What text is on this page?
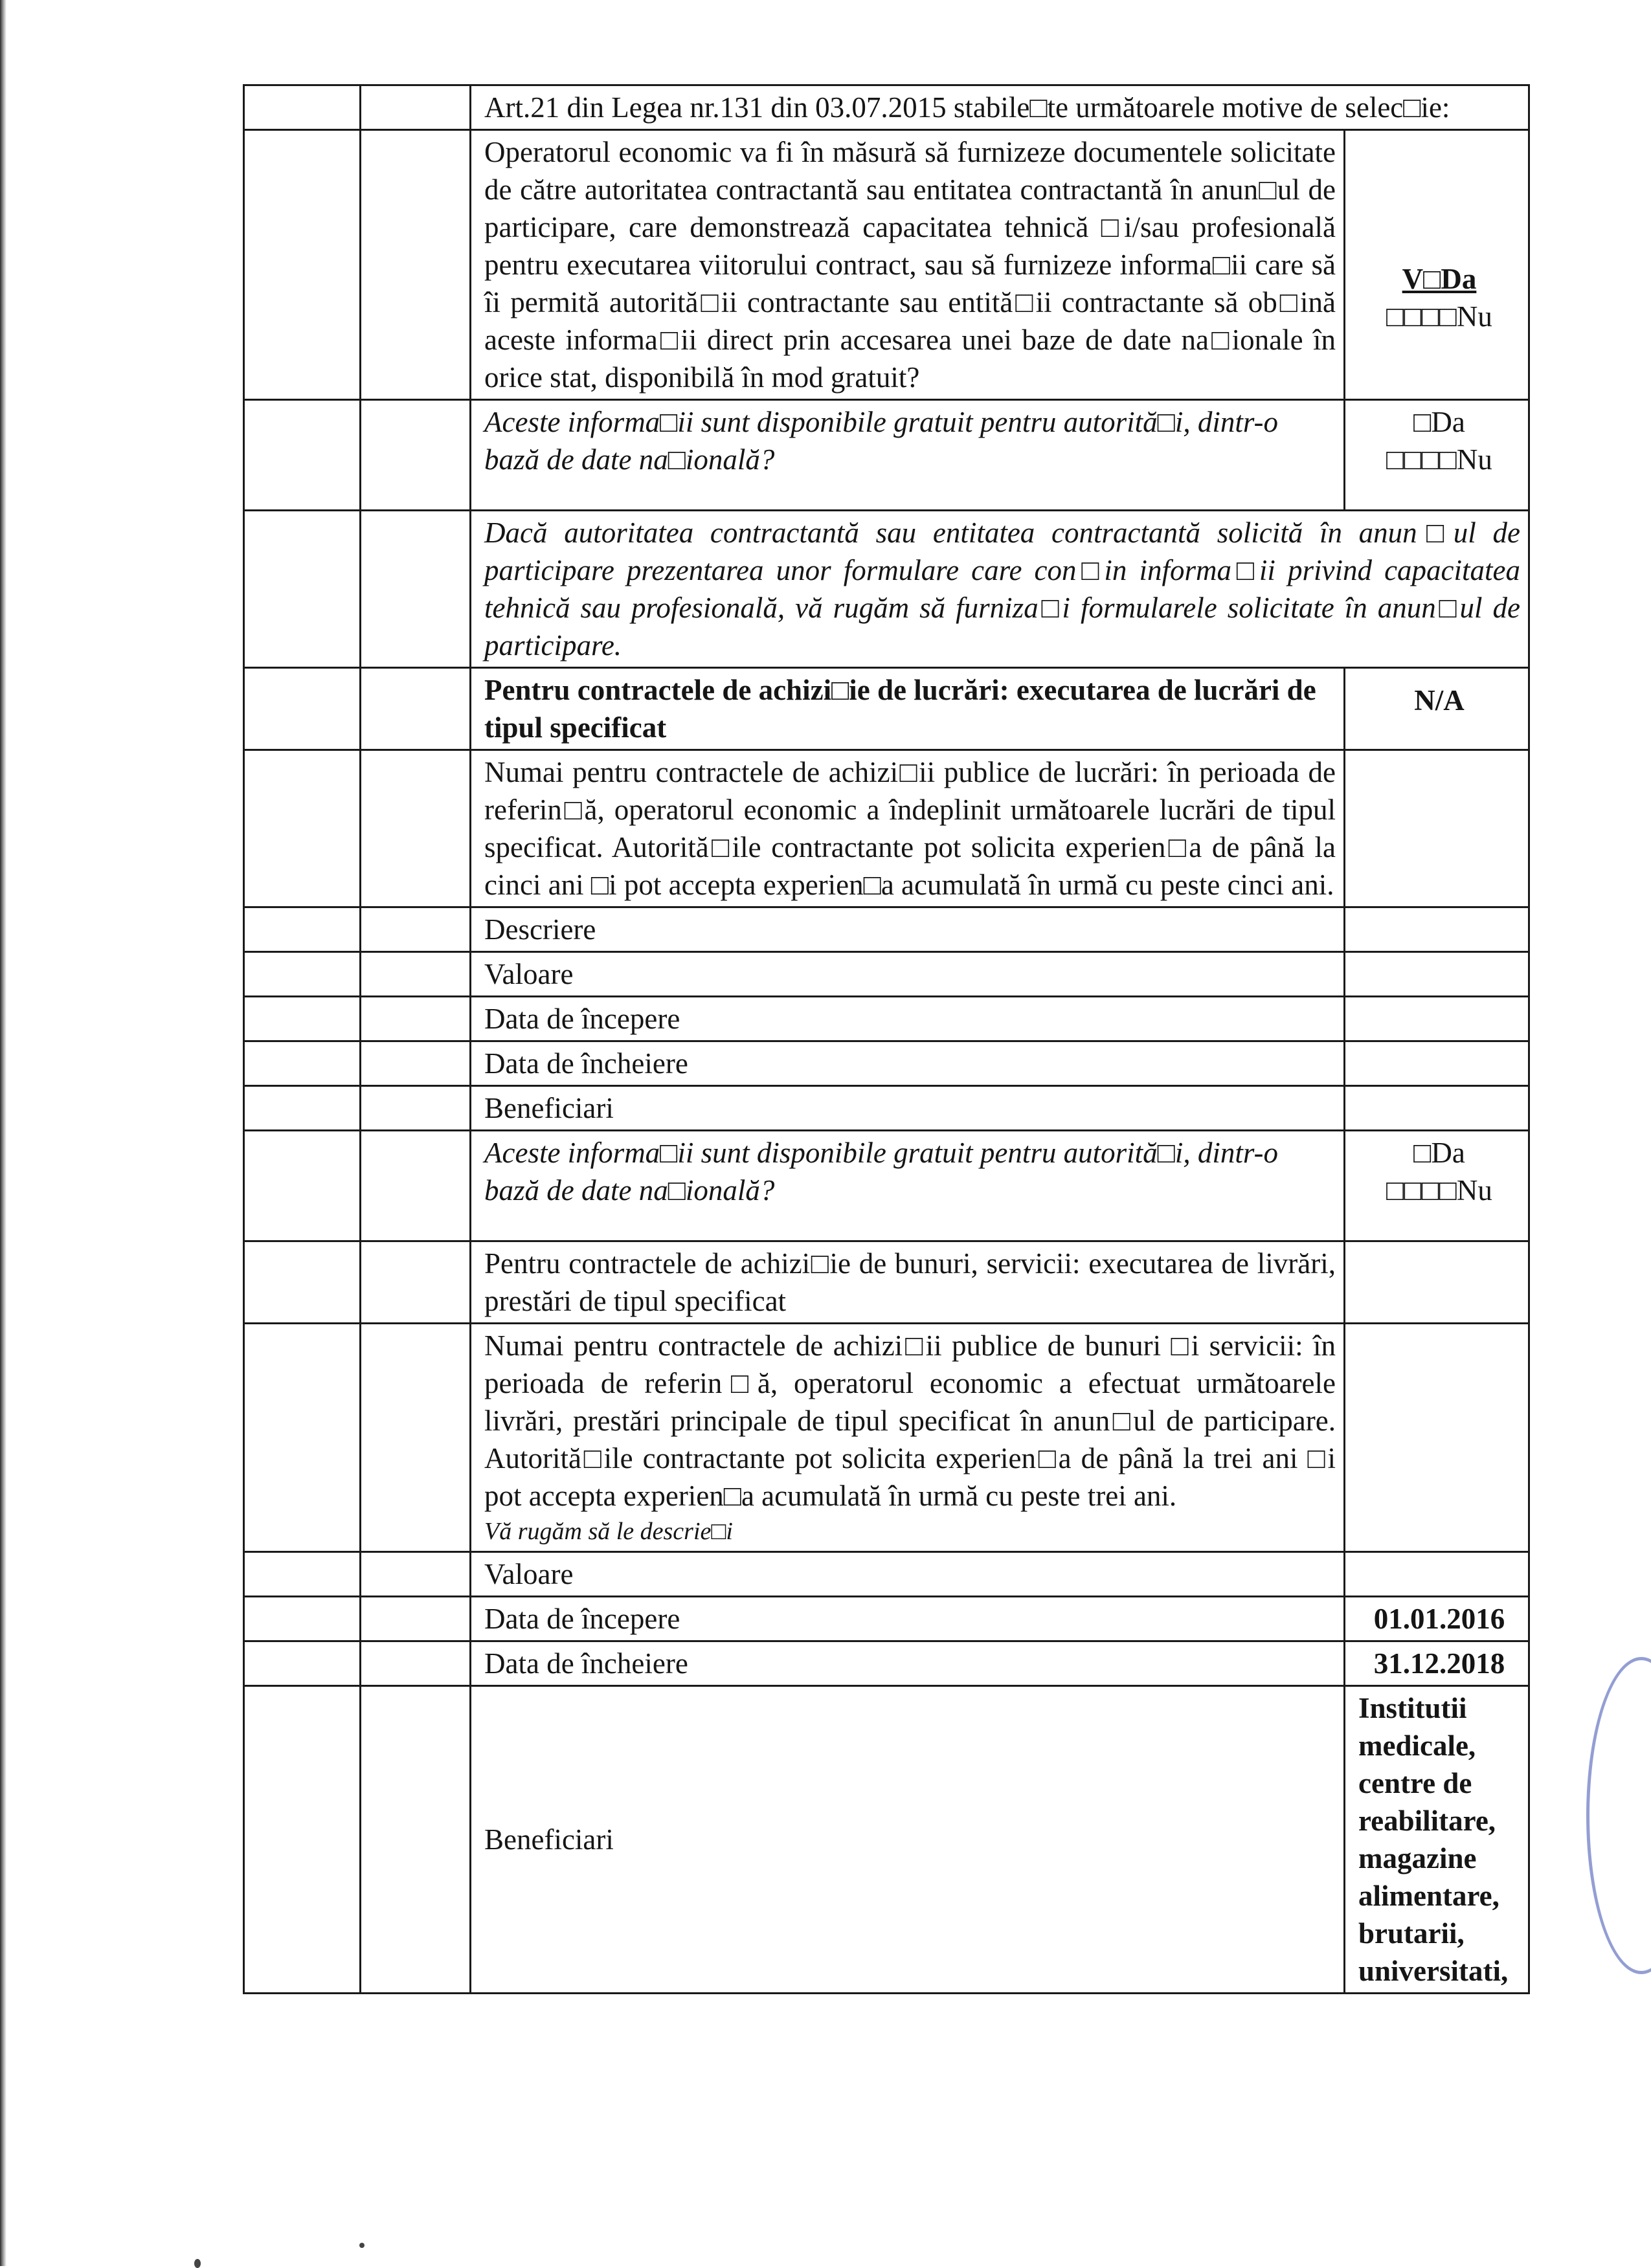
		Art.21 din Legea nr.131 din 03.07.2015 stabile□te următoarele motive de selec□ie:	
		Operatorul economic va fi în măsură să furnizeze documentele solicitate de către autoritatea contractantă sau entitatea contractantă în anun□ul de participare, care demonstrează capacitatea tehnică □i/sau profesională pentru executarea viitorului contract, sau să furnizeze informa□ii care să îi permită autorită□ii contractante sau entită□ii contractante să ob□ină aceste informa□ii direct prin accesarea unei baze de date na□ionale în orice stat, disponibilă în mod gratuit?	V□Da
□□□□Nu

		Aceste informa□ii sunt disponibile gratuit pentru autorită□i, dintr-o bază de date na□ională?	□Da
□□□□Nu

		Dacă autoritatea contractantă sau entitatea contractantă solicită în anun□ul de participare prezentarea unor formulare care con□in informa□ii privind capacitatea tehnică sau profesională, vă rugăm să furniza□i formularele solicitate în anun□ul de participare.	
		Pentru contractele de achizi□ie de lucrări: executarea de lucrări de tipul specificat	N/A
		Numai pentru contractele de achizi□ii publice de lucrări: în perioada de referin□ă, operatorul economic a îndeplinit următoarele lucrări de tipul specificat. Autorită□ile contractante pot solicita experien□a de până la cinci ani □i pot accepta experien□a acumulată în urmă cu peste cinci ani.	
		Descriere	
		Valoare	
		Data de începere	
		Data de încheiere	
		Beneficiari	
		Aceste informa□ii sunt disponibile gratuit pentru autorită□i, dintr-o bază de date na□ională?	□Da
□□□□Nu

		Pentru contractele de achizi□ie de bunuri, servicii: executarea de livrări, prestări de tipul specificat	

		Numai pentru contractele de achizi□ii publice de bunuri □i servicii: în perioada de referin□ă, operatorul economic a efectuat următoarele livrări, prestări principale de tipul specificat în anun□ul de participare. Autorită□ile contractante pot solicita experien□a de până la trei ani □i pot accepta experien□a acumulată în urmă cu peste trei ani.
Vă rugăm să le descrie□i	

		Valoare	
		Data de începere	01.01.2016
		Data de încheiere	31.12.2018
		Beneficiari	Institutii medicale, centre de reabilitare, magazine alimentare, brutarii, universitati,
